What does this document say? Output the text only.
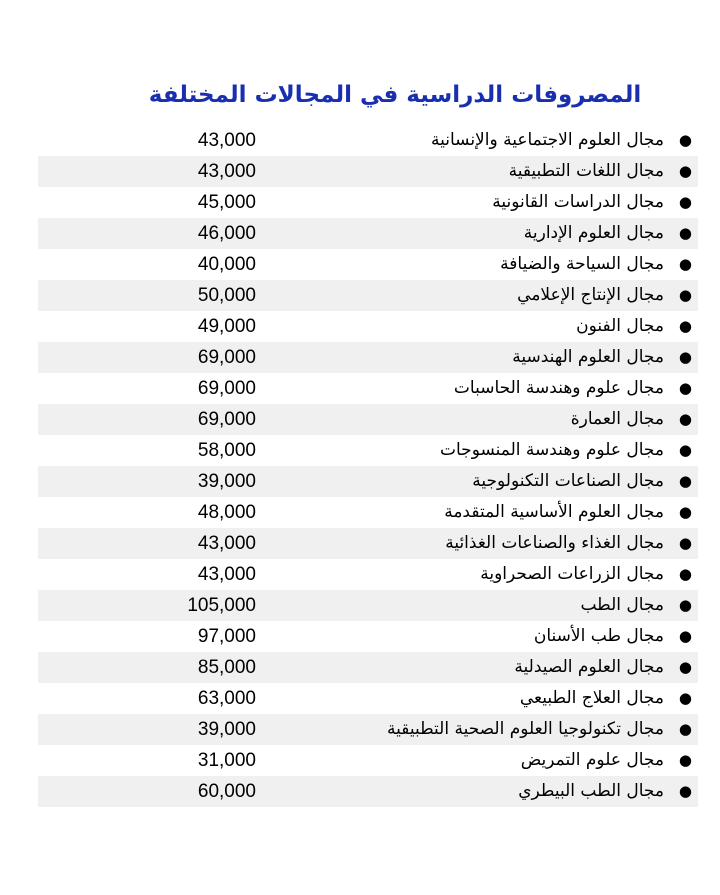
المصروفات الدراسية في المجالات المختلفة
●
مجال العلوم الاجتماعية والإنسانية
43,000
●
مجال اللغات التطبيقية
43,000
●
مجال الدراسات القانونية
45,000
●
مجال العلوم الإدارية
46,000
●
مجال السياحة والضيافة
40,000
●
مجال الإنتاج الإعلامي
50,000
●
مجال الفنون
49,000
●
مجال العلوم الهندسية
69,000
●
مجال علوم وهندسة الحاسبات
69,000
●
مجال العمارة
69,000
●
مجال علوم وهندسة المنسوجات
58,000
●
مجال الصناعات التكنولوجية
39,000
●
مجال العلوم الأساسية المتقدمة
48,000
●
مجال الغذاء والصناعات الغذائية
43,000
●
مجال الزراعات الصحراوية
43,000
●
مجال الطب
105,000
●
مجال طب الأسنان
97,000
●
مجال العلوم الصيدلية
85,000
●
مجال العلاج الطبيعي
63,000
●
مجال تكنولوجيا العلوم الصحية التطبيقية
39,000
●
مجال علوم التمريض
31,000
●
مجال الطب البيطري
60,000
